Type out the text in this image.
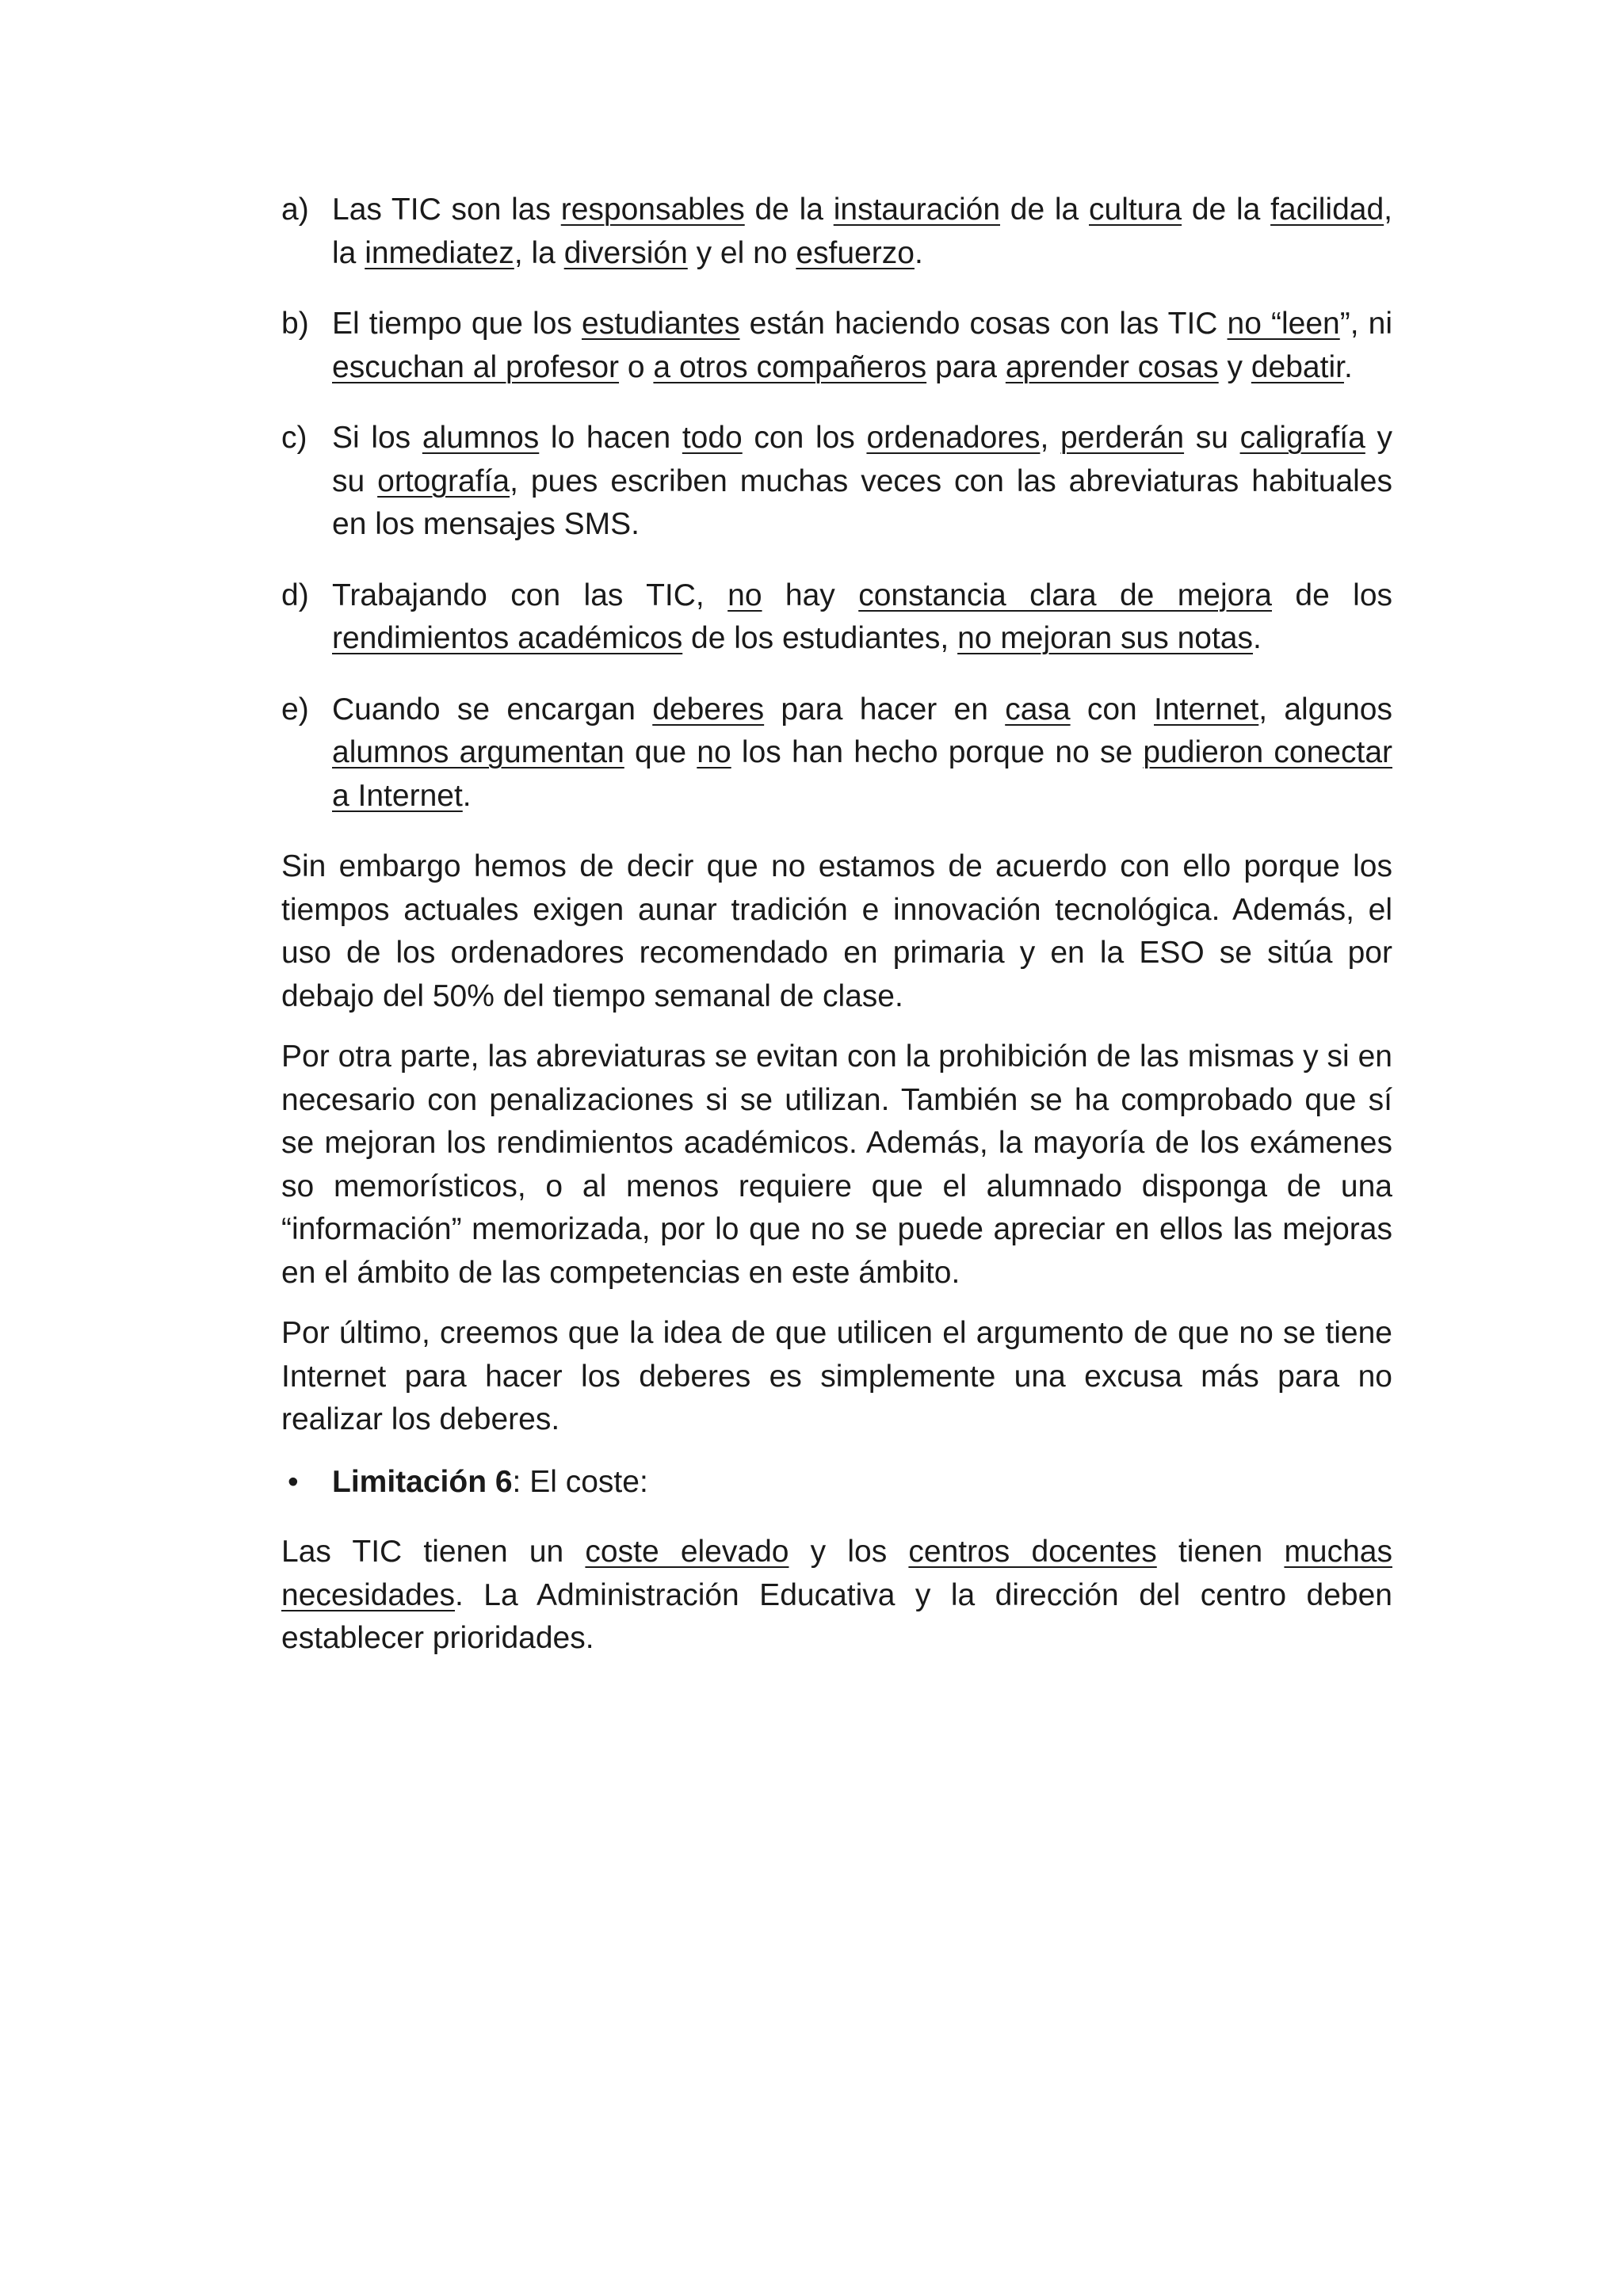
a) Las TIC son las responsables de la instauración de la cultura de la facilidad, la inmediatez, la diversión y el no esfuerzo.
b) El tiempo que los estudiantes están haciendo cosas con las TIC no “leen”, ni escuchan al profesor o a otros compañeros para aprender cosas y debatir.
c) Si los alumnos lo hacen todo con los ordenadores, perderán su caligrafía y su ortografía, pues escriben muchas veces con las abreviaturas habituales en los mensajes SMS.
d) Trabajando con las TIC, no hay constancia clara de mejora de los rendimientos académicos de los estudiantes, no mejoran sus notas.
e) Cuando se encargan deberes para hacer en casa con Internet, algunos alumnos argumentan que no los han hecho porque no se pudieron conectar a Internet.

Sin embargo hemos de decir que no estamos de acuerdo con ello porque los tiempos actuales exigen aunar tradición e innovación tecnológica. Además, el uso de los ordenadores recomendado en primaria y en la ESO se sitúa por debajo del 50% del tiempo semanal de clase.

Por otra parte, las abreviaturas se evitan con la prohibición de las mismas y si en necesario con penalizaciones si se utilizan. También se ha comprobado que sí se mejoran los rendimientos académicos. Además, la mayoría de los exámenes so memorísticos, o al menos requiere que el alumnado disponga de una “información” memorizada, por lo que no se puede apreciar en ellos las mejoras en el ámbito de las competencias en este ámbito.

Por último, creemos que la idea de que utilicen el argumento de que no se tiene Internet para hacer los deberes es simplemente una excusa más para no realizar los deberes.

• Limitación 6: El coste:

Las TIC tienen un coste elevado y los centros docentes tienen muchas necesidades. La Administración Educativa y la dirección del centro deben establecer prioridades.
